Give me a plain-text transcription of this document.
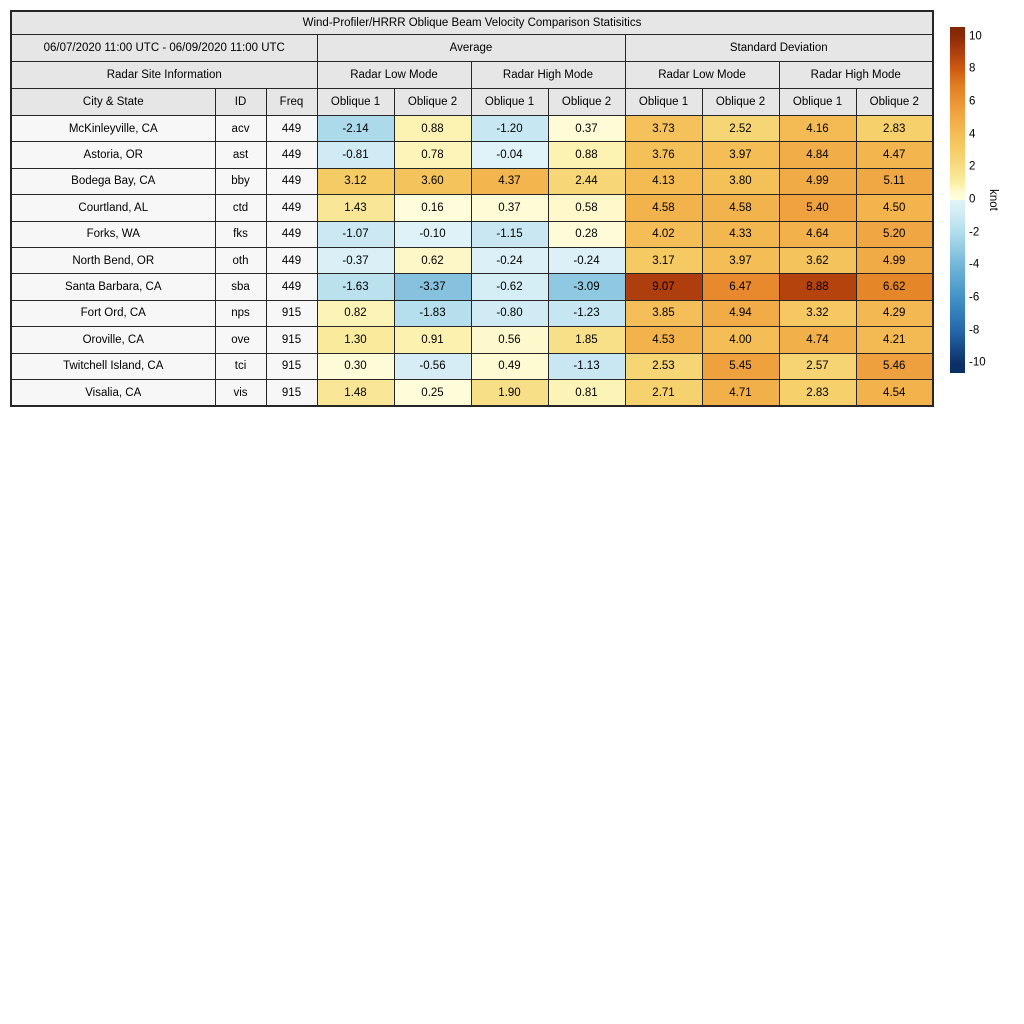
Wind-Profiler/HRRR Oblique Beam Velocity Comparison Statisitics										
06/07/2020 11:00 UTC - 06/09/2020 11:00 UTC			Average				Standard Deviation			
Radar Site Information			Radar Low Mode		Radar High Mode		Radar Low Mode		Radar High Mode	
City & State	ID	Freq	Oblique 1	Oblique 2	Oblique 1	Oblique 2	Oblique 1	Oblique 2	Oblique 1	Oblique 2
McKinleyville, CA	acv	449	-2.14	0.88	-1.20	0.37	3.73	2.52	4.16	2.83
Astoria, OR	ast	449	-0.81	0.78	-0.04	0.88	3.76	3.97	4.84	4.47
Bodega Bay, CA	bby	449	3.12	3.60	4.37	2.44	4.13	3.80	4.99	5.11
Courtland, AL	ctd	449	1.43	0.16	0.37	0.58	4.58	4.58	5.40	4.50
Forks, WA	fks	449	-1.07	-0.10	-1.15	0.28	4.02	4.33	4.64	5.20
North Bend, OR	oth	449	-0.37	0.62	-0.24	-0.24	3.17	3.97	3.62	4.99
Santa Barbara, CA	sba	449	-1.63	-3.37	-0.62	-3.09	9.07	6.47	8.88	6.62
Fort Ord, CA	nps	915	0.82	-1.83	-0.80	-1.23	3.85	4.94	3.32	4.29
Oroville, CA	ove	915	1.30	0.91	0.56	1.85	4.53	4.00	4.74	4.21
Twitchell Island, CA	tci	915	0.30	-0.56	0.49	-1.13	2.53	5.45	2.57	5.46
Visalia, CA	vis	915	1.48	0.25	1.90	0.81	2.71	4.71	2.83	4.54
10
8
6
4
2
0
-2
-4
-6
-8
-10
knot
